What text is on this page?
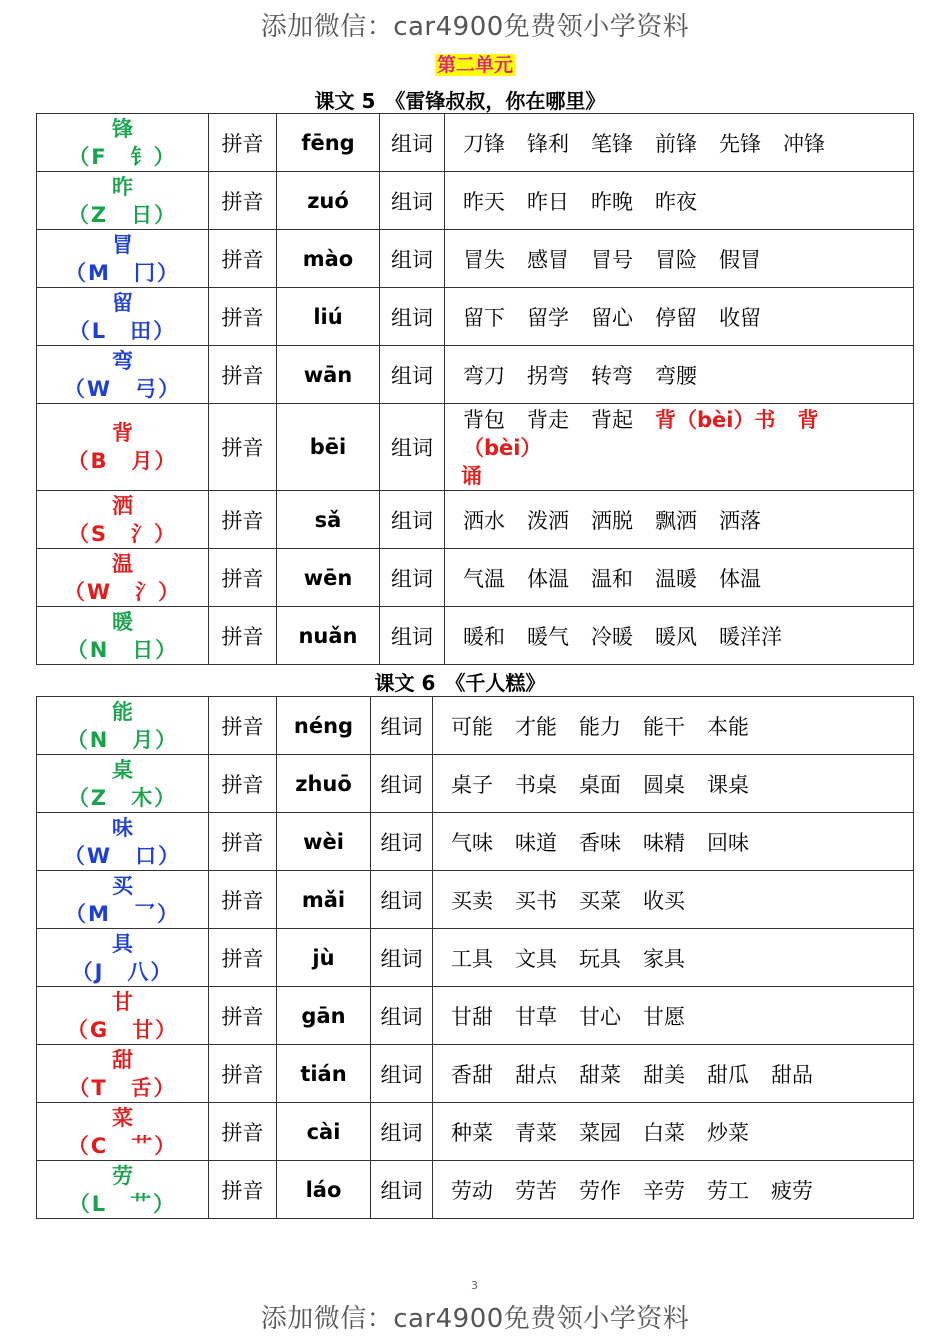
添加微信：car4900免费领小学资料
第二单元
课文 5　《雷锋叔叔，你在哪里》
锋
（F　钅）	拼音	fēng	组词	刀锋 锋利 笔锋 前锋 先锋 冲锋

昨
（Z　日）	拼音	zuó	组词	昨天 昨日 昨晚 昨夜

冒
（M　冂）	拼音	mào	组词	冒失 感冒 冒号 冒险 假冒

留
（L　田）	拼音	liú	组词	留下 留学 留心 停留 收留

弯
（W　弓）	拼音	wān	组词	弯刀 拐弯 转弯 弯腰

背
（B　月）	拼音	bēi	组词	背包 背走 背起 背（bèi）书 背（bèi）
诵

洒
（S　氵）	拼音	sǎ	组词	洒水 泼洒 洒脱 飘洒 洒落

温
（W　氵）	拼音	wēn	组词	气温 体温 温和 温暖 体温

暖
（N　日）	拼音	nuǎn	组词	暖和 暖气 冷暖 暖风 暖洋洋
课文 6　《千人糕》
能
（N　月）	拼音	néng	组词	可能 才能 能力 能干 本能

桌
（Z　木）	拼音	zhuō	组词	桌子 书桌 桌面 圆桌 课桌

味
（W　口）	拼音	wèi	组词	气味 味道 香味 味精 回味

买
（M　乛）	拼音	mǎi	组词	买卖 买书 买菜 收买

具
（J　八）	拼音	jù	组词	工具 文具 玩具 家具

甘
（G　甘）	拼音	gān	组词	甘甜 甘草 甘心 甘愿

甜
（T　舌）	拼音	tián	组词	香甜 甜点 甜菜 甜美 甜瓜 甜品

菜
（C　艹）	拼音	cài	组词	种菜 青菜 菜园 白菜 炒菜

劳
（L　艹）	拼音	láo	组词	劳动 劳苦 劳作 辛劳 劳工 疲劳
3
添加微信：car4900免费领小学资料
